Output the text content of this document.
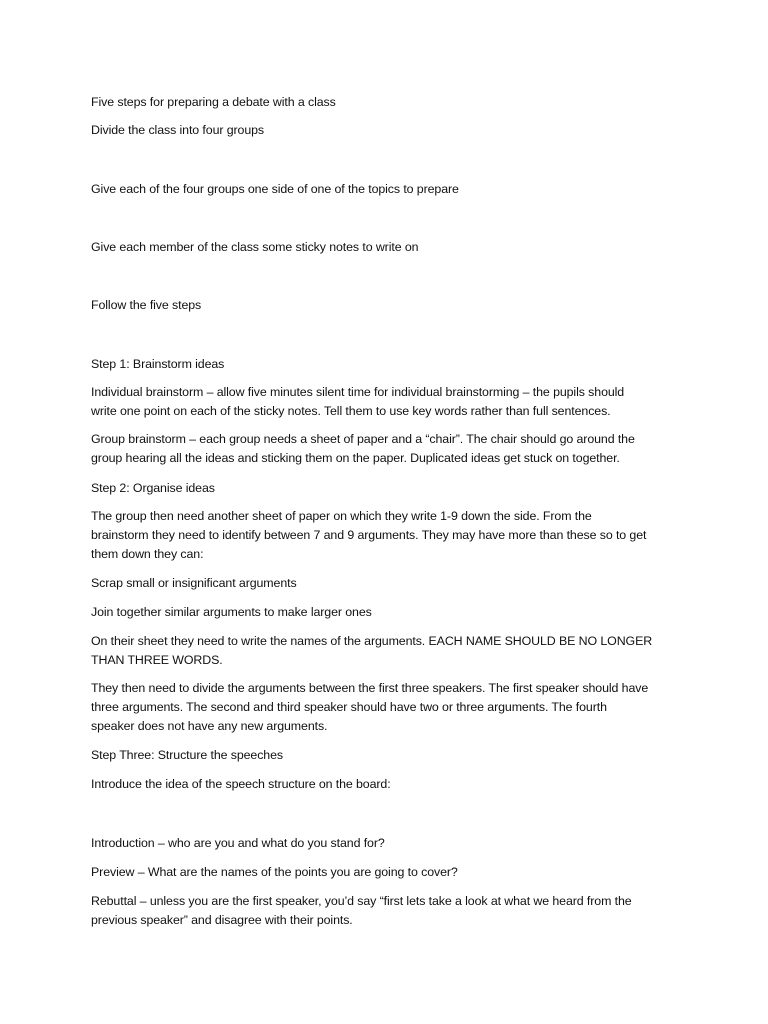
Five steps for preparing a debate with a class
Divide the class into four groups
Give each of the four groups one side of one of the topics to prepare
Give each member of the class some sticky notes to write on
Follow the five steps
Step 1: Brainstorm ideas
Individual brainstorm – allow five minutes silent time for individual brainstorming – the pupils should
write one point on each of the sticky notes. Tell them to use key words rather than full sentences.
Group brainstorm – each group needs a sheet of paper and a “chair”. The chair should go around the
group hearing all the ideas and sticking them on the paper. Duplicated ideas get stuck on together.
Step 2: Organise ideas
The group then need another sheet of paper on which they write 1-9 down the side. From the
brainstorm they need to identify between 7 and 9 arguments. They may have more than these so to get
them down they can:
Scrap small or insignificant arguments
Join together similar arguments to make larger ones
On their sheet they need to write the names of the arguments. EACH NAME SHOULD BE NO LONGER
THAN THREE WORDS.
They then need to divide the arguments between the first three speakers. The first speaker should have
three arguments. The second and third speaker should have two or three arguments. The fourth
speaker does not have any new arguments.
Step Three: Structure the speeches
Introduce the idea of the speech structure on the board:
Introduction – who are you and what do you stand for?
Preview – What are the names of the points you are going to cover?
Rebuttal – unless you are the first speaker, you’d say “first lets take a look at what we heard from the
previous speaker” and disagree with their points.
